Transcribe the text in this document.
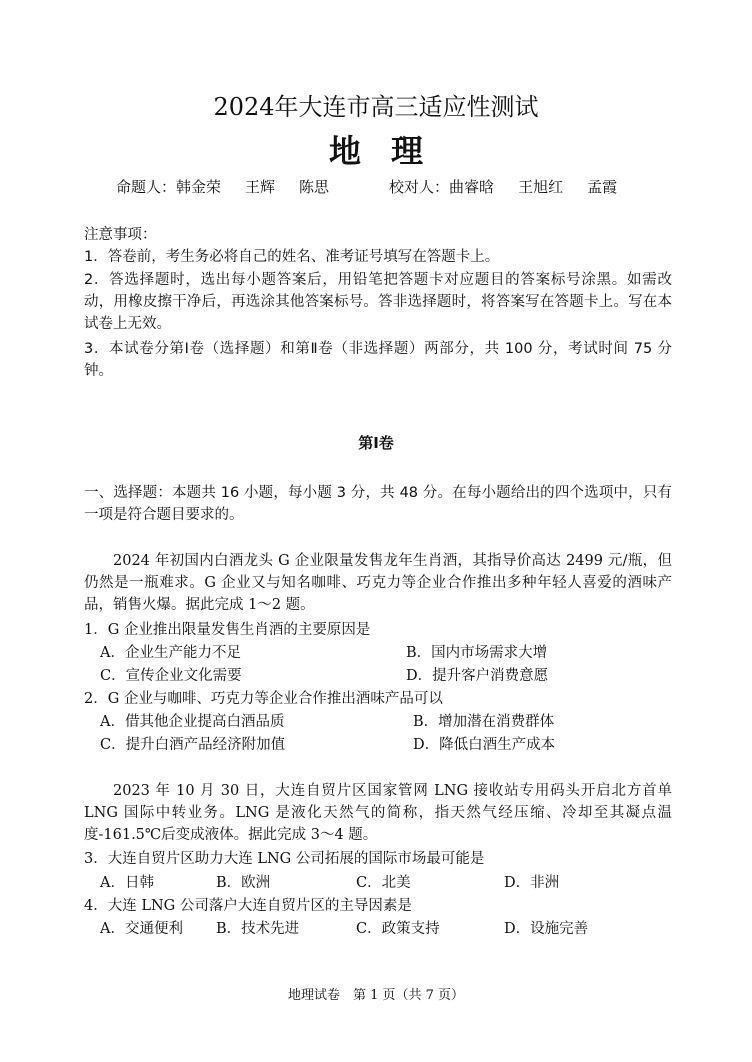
2024年大连市高三适应性测试
地理
命题人：韩金荣 王辉 陈思	校对人：曲睿晗 王旭红 孟霞
注意事项：
1．答卷前，考生务必将自己的姓名、准考证号填写在答题卡上。
2．答选择题时，选出每小题答案后，用铅笔把答题卡对应题目的答案标号涂黑。如需改动，用橡皮擦干净后，再选涂其他答案标号。答非选择题时，将答案写在答题卡上。写在本试卷上无效。
3．本试卷分第Ⅰ卷（选择题）和第Ⅱ卷（非选择题）两部分，共 100 分，考试时间 75 分钟。
第Ⅰ卷
一、选择题：本题共 16 小题，每小题 3 分，共 48 分。在每小题给出的四个选项中，只有一项是符合题目要求的。
2024 年初国内白酒龙头 G 企业限量发售龙年生肖酒，其指导价高达 2499 元/瓶，但仍然是一瓶难求。G 企业又与知名咖啡、巧克力等企业合作推出多种年轻人喜爱的酒味产品，销售火爆。据此完成 1～2 题。
1．G 企业推出限量发售生肖酒的主要原因是
A．企业生产能力不足	B．国内市场需求大增
C．宣传企业文化需要	D．提升客户消费意愿
2．G 企业与咖啡、巧克力等企业合作推出酒味产品可以
A．借其他企业提高白酒品质	B．增加潜在消费群体
C．提升白酒产品经济附加值	D．降低白酒生产成本
2023 年 10 月 30 日，大连自贸片区国家管网 LNG 接收站专用码头开启北方首单 LNG 国际中转业务。LNG 是液化天然气的简称，指天然气经压缩、冷却至其凝点温度-161.5℃后变成液体。据此完成 3～4 题。
3．大连自贸片区助力大连 LNG 公司拓展的国际市场最可能是
A．日韩	B．欧洲	C．北美	D．非洲
4．大连 LNG 公司落户大连自贸片区的主导因素是
A．交通便利 B．技术先进	C．政策支持	D．设施完善
地理试卷　第 1 页（共 7 页）
